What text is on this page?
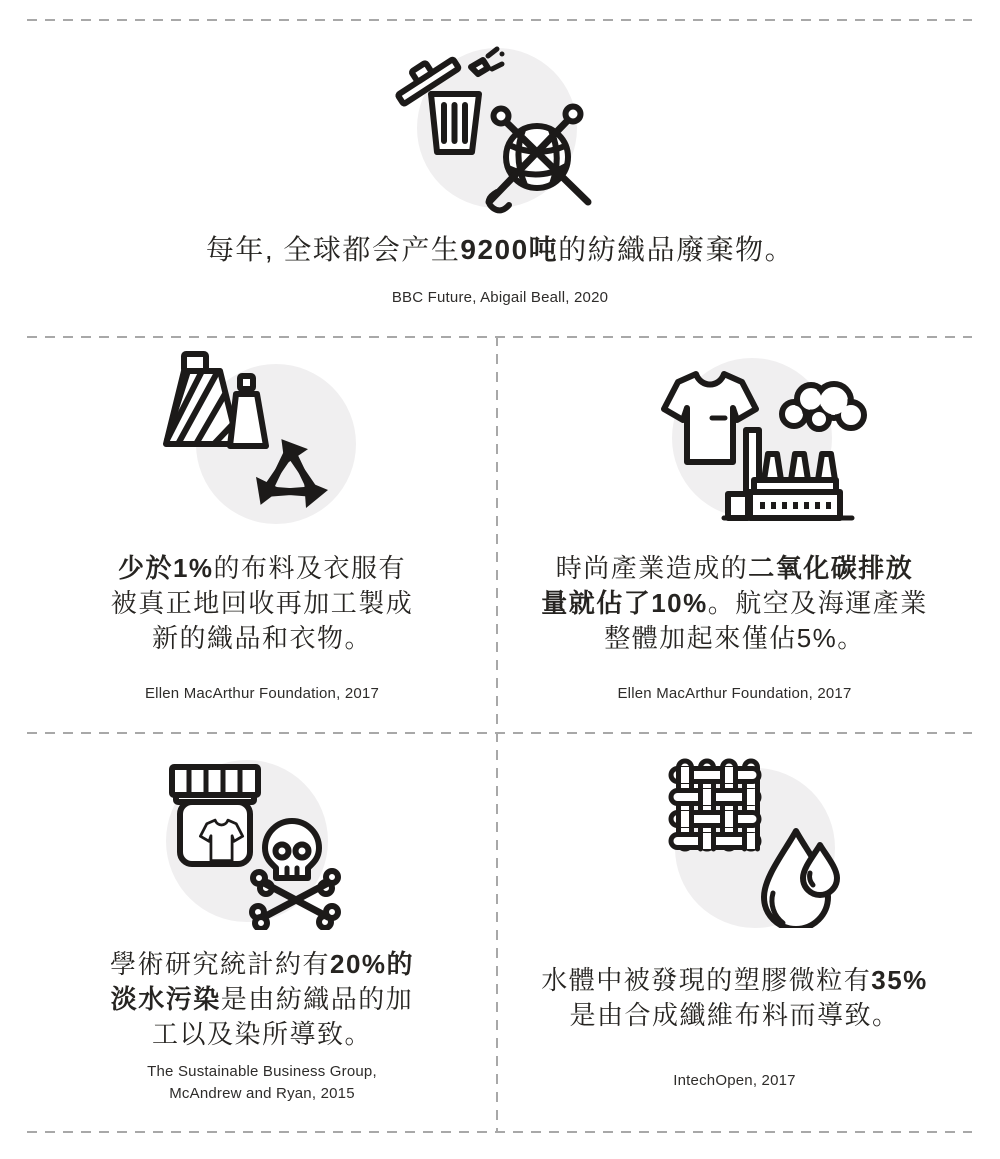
每年, 全球都会产生9200吨的紡織品廢棄物。
BBC Future, Abigail Beall, 2020
少於1%的布料及衣服有
被真正地回收再加工製成
新的織品和衣物。
Ellen MacArthur Foundation, 2017
時尚產業造成的二氧化碳排放
量就佔了10%。航空及海運產業
整體加起來僅佔5%。
Ellen MacArthur Foundation, 2017
學術研究統計約有20%的
淡水污染是由紡織品的加
工以及染所導致。
The Sustainable Business Group,
McAndrew and Ryan, 2015
水體中被發現的塑膠微粒有35%
是由合成纖維布料而導致。
IntechOpen, 2017
